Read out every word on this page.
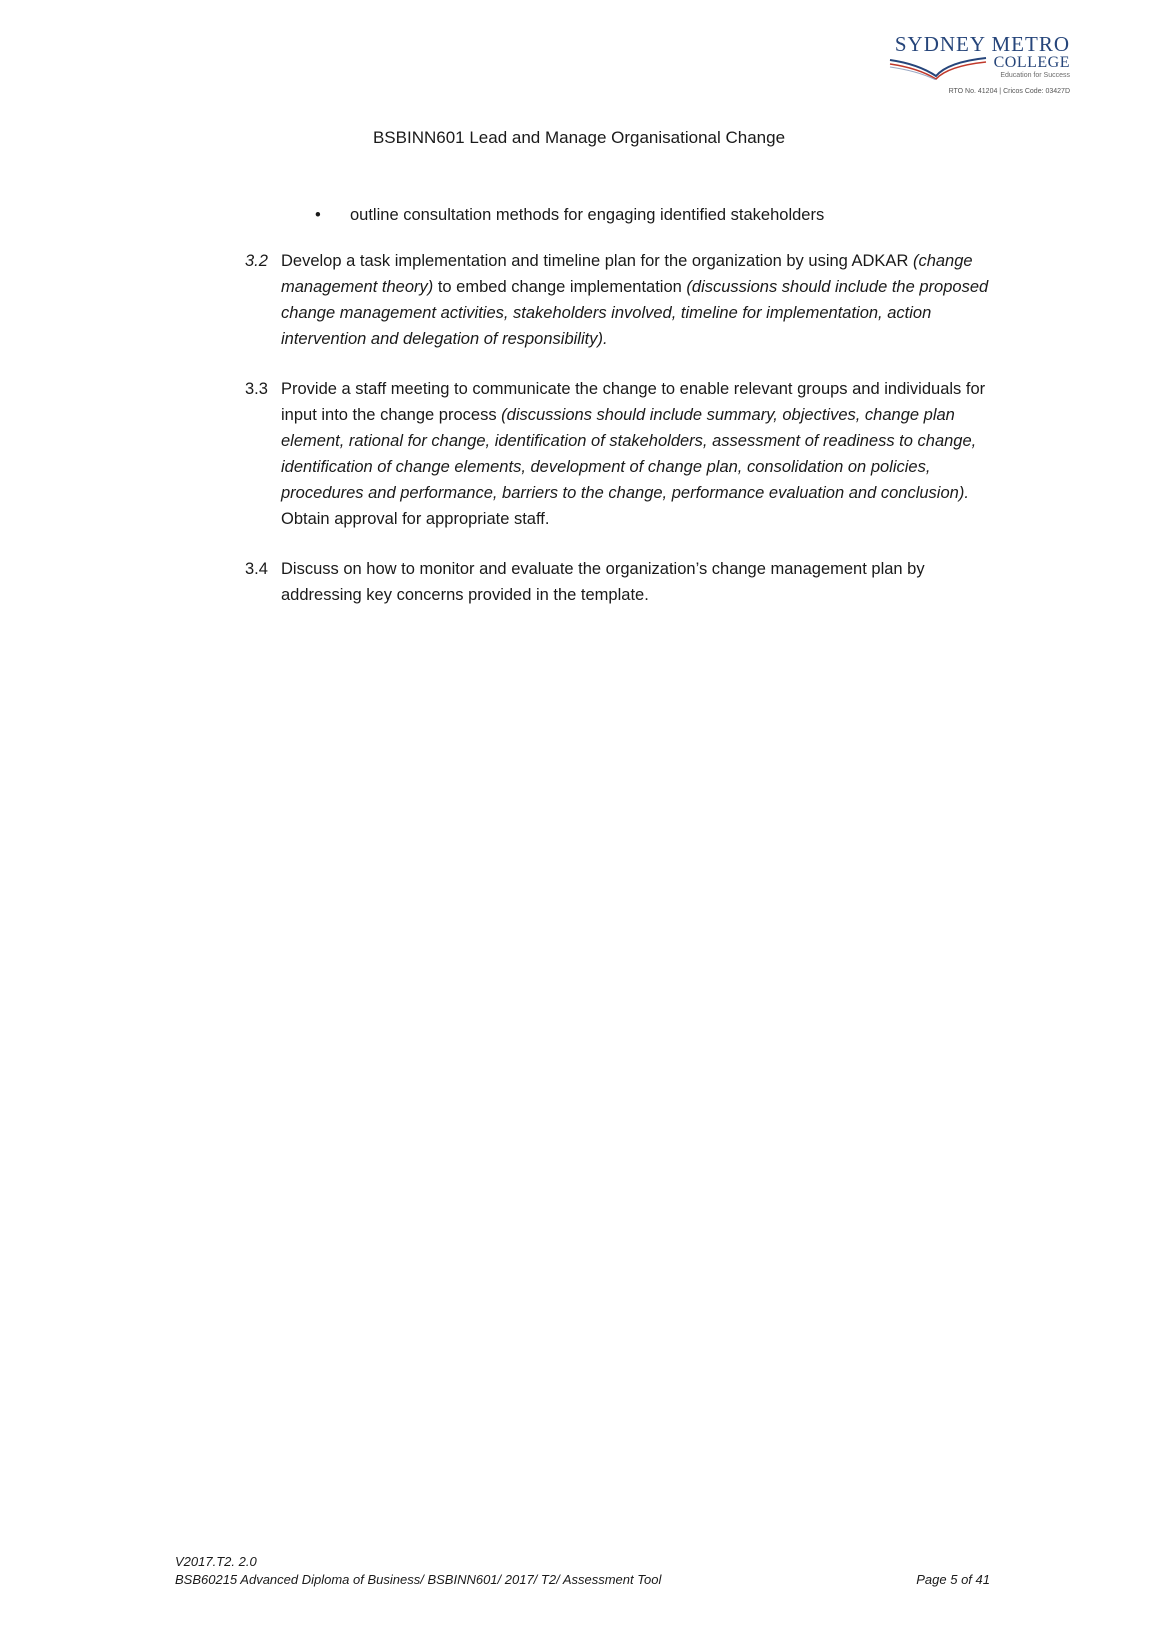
SYDNEY METRO
COLLEGE
Education for Success
RTO No. 41204 | Cricos Code: 03427D
BSBINN601 Lead and Manage Organisational Change
• outline consultation methods for engaging identified stakeholders
3.2 Develop a task implementation and timeline plan for the organization by using ADKAR (change management theory) to embed change implementation (discussions should include the proposed change management activities, stakeholders involved, timeline for implementation, action intervention and delegation of responsibility).
3.3 Provide a staff meeting to communicate the change to enable relevant groups and individuals for input into the change process (discussions should include summary, objectives, change plan element, rational for change, identification of stakeholders, assessment of readiness to change, identification of change elements, development of change plan, consolidation on policies, procedures and performance, barriers to the change, performance evaluation and conclusion). Obtain approval for appropriate staff.
3.4 Discuss on how to monitor and evaluate the organization’s change management plan by addressing key concerns provided in the template.
V2017.T2. 2.0
BSB60215 Advanced Diploma of Business/ BSBINN601/ 2017/ T2/ Assessment Tool	Page 5 of 41
